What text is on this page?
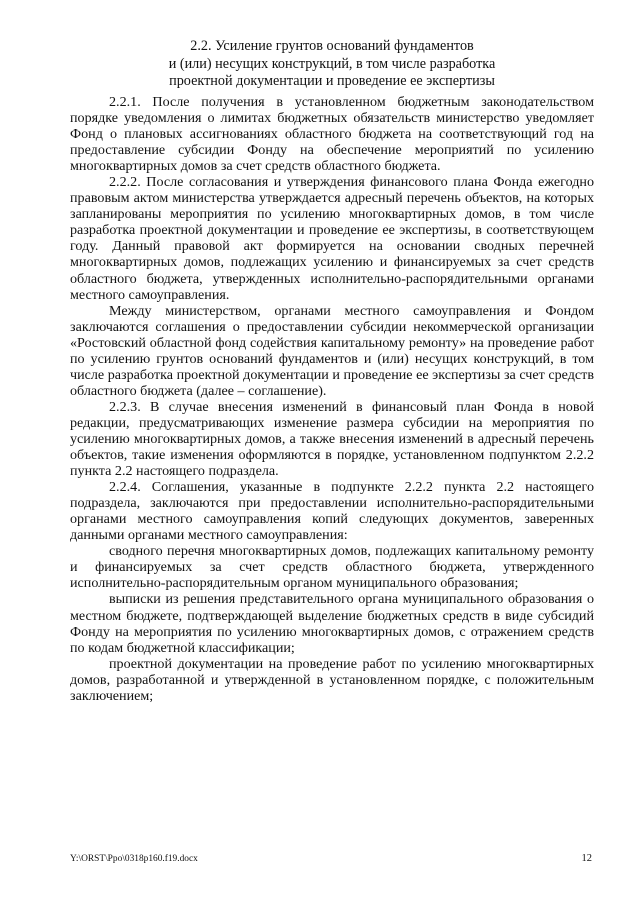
2.2. Усиление грунтов оснований фундаментов
и (или) несущих конструкций, в том числе разработка
проектной документации и проведение ее экспертизы

2.2.1. После получения в установленном бюджетным законодательством порядке уведомления о лимитах бюджетных обязательств министерство уведомляет Фонд о плановых ассигнованиях областного бюджета на соответствующий год на предоставление субсидии Фонду на обеспечение мероприятий по усилению многоквартирных домов за счет средств областного бюджета.

2.2.2. После согласования и утверждения финансового плана Фонда ежегодно правовым актом министерства утверждается адресный перечень объектов, на которых запланированы мероприятия по усилению многоквартирных домов, в том числе разработка проектной документации и проведение ее экспертизы, в соответствующем году. Данный правовой акт формируется на основании сводных перечней многоквартирных домов, подлежащих усилению и финансируемых за счет средств областного бюджета, утвержденных исполнительно-распорядительными органами местного самоуправления.

Между министерством, органами местного самоуправления и Фондом заключаются соглашения о предоставлении субсидии некоммерческой организации «Ростовский областной фонд содействия капитальному ремонту» на проведение работ по усилению грунтов оснований фундаментов и (или) несущих конструкций, в том числе разработка проектной документации и проведение ее экспертизы за счет средств областного бюджета (далее – соглашение).

2.2.3. В случае внесения изменений в финансовый план Фонда в новой редакции, предусматривающих изменение размера субсидии на мероприятия по усилению многоквартирных домов, а также внесения изменений в адресный перечень объектов, такие изменения оформляются в порядке, установленном подпунктом 2.2.2 пункта 2.2 настоящего подраздела.

2.2.4. Соглашения, указанные в подпункте 2.2.2 пункта 2.2 настоящего подраздела, заключаются при предоставлении исполнительно-распорядительными органами местного самоуправления копий следующих документов, заверенных данными органами местного самоуправления:

сводного перечня многоквартирных домов, подлежащих капитальному ремонту и финансируемых за счет средств областного бюджета, утвержденного исполнительно-распорядительным органом муниципального образования;

выписки из решения представительного органа муниципального образования о местном бюджете, подтверждающей выделение бюджетных средств в виде субсидий Фонду на мероприятия по усилению многоквартирных домов, с отражением средств по кодам бюджетной классификации;

проектной документации на проведение работ по усилению многоквартирных домов, разработанной и утвержденной в установленном порядке, с положительным заключением;

Y:\ORST\Ppo\0318p160.f19.docx	12
